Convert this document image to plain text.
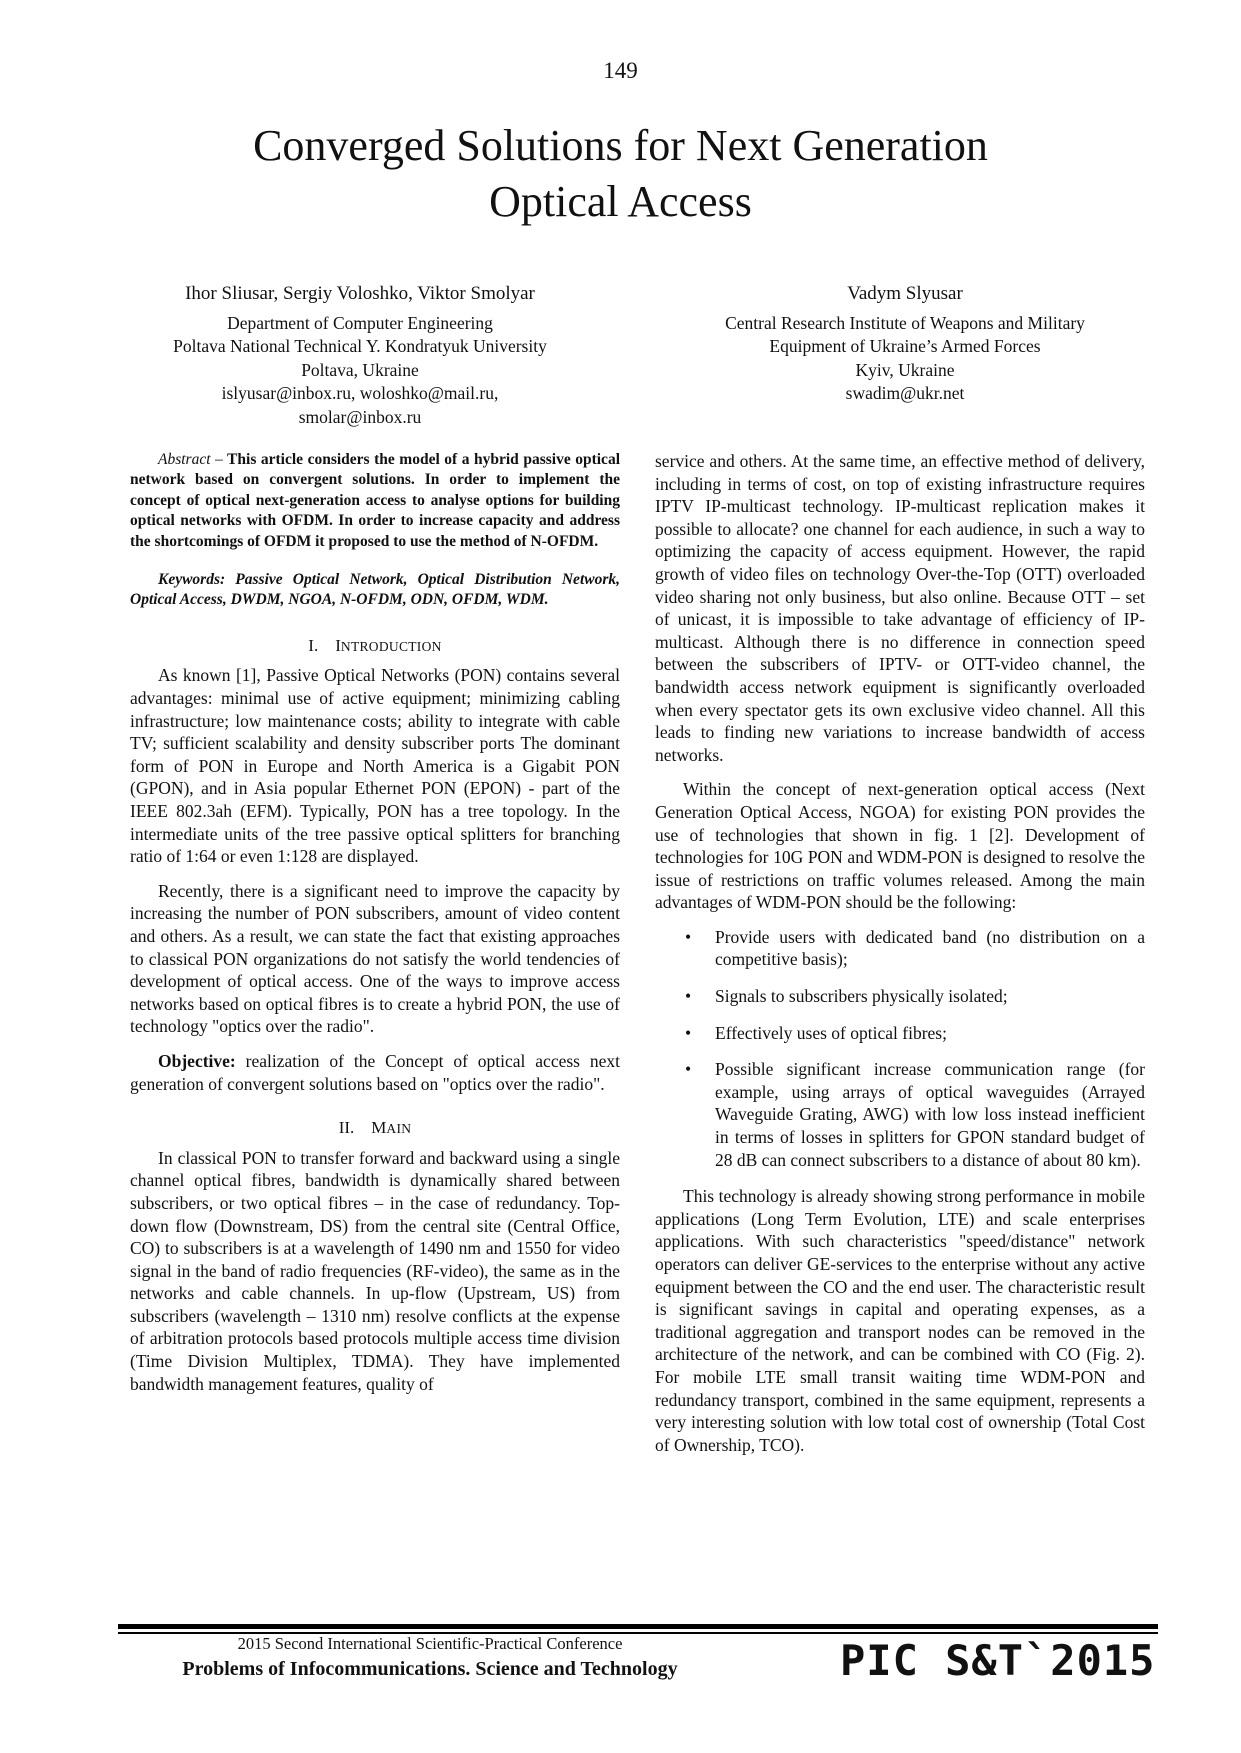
149
Converged Solutions for Next Generation
Optical Access
Ihor Sliusar, Sergiy Voloshko, Viktor Smolyar
Department of Computer Engineering
Poltava National Technical Y. Kondratyuk University
Poltava, Ukraine
islyusar@inbox.ru, woloshko@mail.ru,
smolar@inbox.ru
Vadym Slyusar
Central Research Institute of Weapons and Military
Equipment of Ukraine’s Armed Forces
Kyiv, Ukraine
swadim@ukr.net

Abstract – This article considers the model of a hybrid passive optical network based on convergent solutions. In order to implement the concept of optical next-generation access to analyse options for building optical networks with OFDM. In order to increase capacity and address the shortcomings of OFDM it proposed to use the method of N-OFDM.

Keywords: Passive Optical Network, Optical Distribution Network, Optical Access, DWDM, NGOA, N-OFDM, ODN, OFDM, WDM.

I. INTRODUCTION

As known [1], Passive Optical Networks (PON) contains several advantages: minimal use of active equipment; minimizing cabling infrastructure; low maintenance costs; ability to integrate with cable TV; sufficient scalability and density subscriber ports The dominant form of PON in Europe and North America is a Gigabit PON (GPON), and in Asia popular Ethernet PON (EPON) - part of the IEEE 802.3ah (EFM). Typically, PON has a tree topology. In the intermediate units of the tree passive optical splitters for branching ratio of 1:64 or even 1:128 are displayed.

Recently, there is a significant need to improve the capacity by increasing the number of PON subscribers, amount of video content and others. As a result, we can state the fact that existing approaches to classical PON organizations do not satisfy the world tendencies of development of optical access. One of the ways to improve access networks based on optical fibres is to create a hybrid PON, the use of technology "optics over the radio".

Objective: realization of the Concept of optical access next generation of convergent solutions based on "optics over the radio".

II. MAIN

In classical PON to transfer forward and backward using a single channel optical fibres, bandwidth is dynamically shared between subscribers, or two optical fibres – in the case of redundancy. Top-down flow (Downstream, DS) from the central site (Central Office, CO) to subscribers is at a wavelength of 1490 nm and 1550 for video signal in the band of radio frequencies (RF-video), the same as in the networks and cable channels. In up-flow (Upstream, US) from subscribers (wavelength – 1310 nm) resolve conflicts at the expense of arbitration protocols based protocols multiple access time division (Time Division Multiplex, TDMA). They have implemented bandwidth management features, quality of

service and others. At the same time, an effective method of delivery, including in terms of cost, on top of existing infrastructure requires IPTV IP-multicast technology. IP-multicast replication makes it possible to allocate? one channel for each audience, in such a way to optimizing the capacity of access equipment. However, the rapid growth of video files on technology Over-the-Top (OTT) overloaded video sharing not only business, but also online. Because OTT – set of unicast, it is impossible to take advantage of efficiency of IP-multicast. Although there is no difference in connection speed between the subscribers of IPTV- or OTT-video channel, the bandwidth access network equipment is significantly overloaded when every spectator gets its own exclusive video channel. All this leads to finding new variations to increase bandwidth of access networks.

Within the concept of next-generation optical access (Next Generation Optical Access, NGOA) for existing PON provides the use of technologies that shown in fig. 1 [2]. Development of technologies for 10G PON and WDM-PON is designed to resolve the issue of restrictions on traffic volumes released. Among the main advantages of WDM-PON should be the following:

• Provide users with dedicated band (no distribution on a competitive basis);
• Signals to subscribers physically isolated;
• Effectively uses of optical fibres;
• Possible significant increase communication range (for example, using arrays of optical waveguides (Arrayed Waveguide Grating, AWG) with low loss instead inefficient in terms of losses in splitters for GPON standard budget of 28 dB can connect subscribers to a distance of about 80 km).

This technology is already showing strong performance in mobile applications (Long Term Evolution, LTE) and scale enterprises applications. With such characteristics "speed/distance" network operators can deliver GE-services to the enterprise without any active equipment between the CO and the end user. The characteristic result is significant savings in capital and operating expenses, as a traditional aggregation and transport nodes can be removed in the architecture of the network, and can be combined with CO (Fig. 2). For mobile LTE small transit waiting time WDM-PON and redundancy transport, combined in the same equipment, represents a very interesting solution with low total cost of ownership (Total Cost of Ownership, TCO).

2015 Second International Scientific-Practical Conference
Problems of Infocommunications. Science and Technology	PIC S&T`2015
